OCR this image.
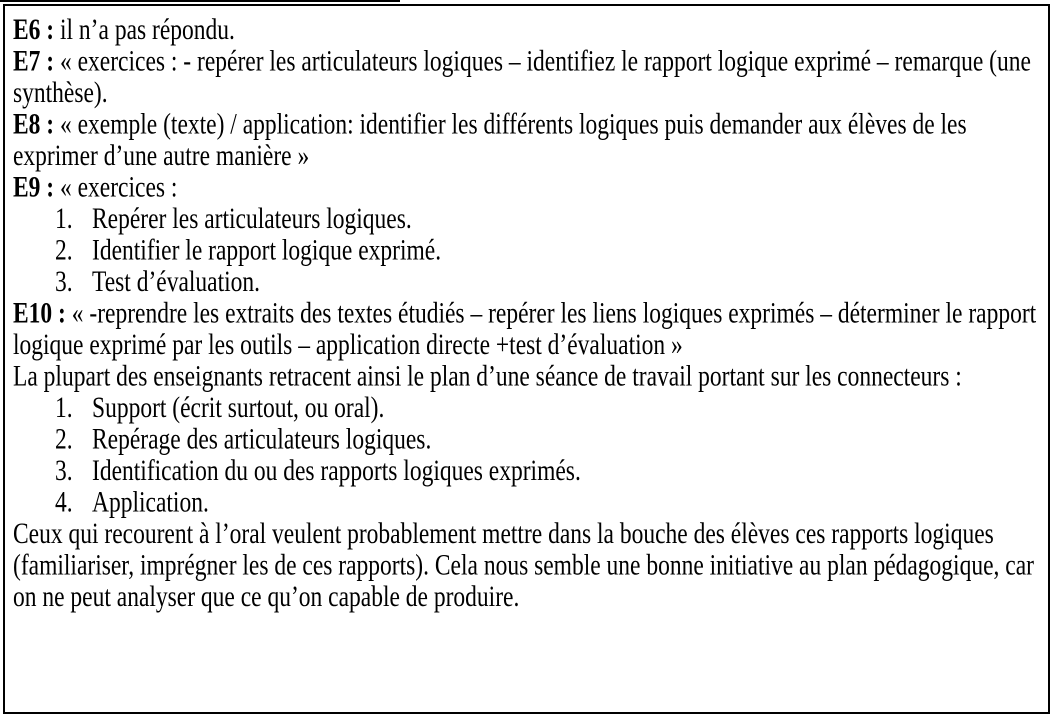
E6 : il n’a pas répondu.

E7 : « exercices : - repérer les articulateurs logiques – identifiez le rapport logique exprimé – remarque (une synthèse).

E8 : « exemple (texte) / application: identifier les différents logiques puis demander aux élèves de les exprimer d’une autre manière »

E9 : « exercices :

Repérer les articulateurs logiques.
Identifier le rapport logique exprimé.
Test d’évaluation.

E10 : « -reprendre les extraits des textes étudiés – repérer les liens logiques exprimés – déterminer le rapport logique exprimé par les outils – application directe +test d’évaluation »

La plupart des enseignants retracent ainsi le plan d’une séance de travail portant sur les connecteurs :

Support (écrit surtout, ou oral).
Repérage des articulateurs logiques.
Identification du ou des rapports logiques exprimés.
Application.

Ceux qui recourent à l’oral veulent probablement mettre dans la bouche des élèves ces rapports logiques (familiariser, imprégner les de ces rapports). Cela nous semble une bonne initiative au plan pédagogique, car on ne peut analyser que ce qu’on capable de produire.
